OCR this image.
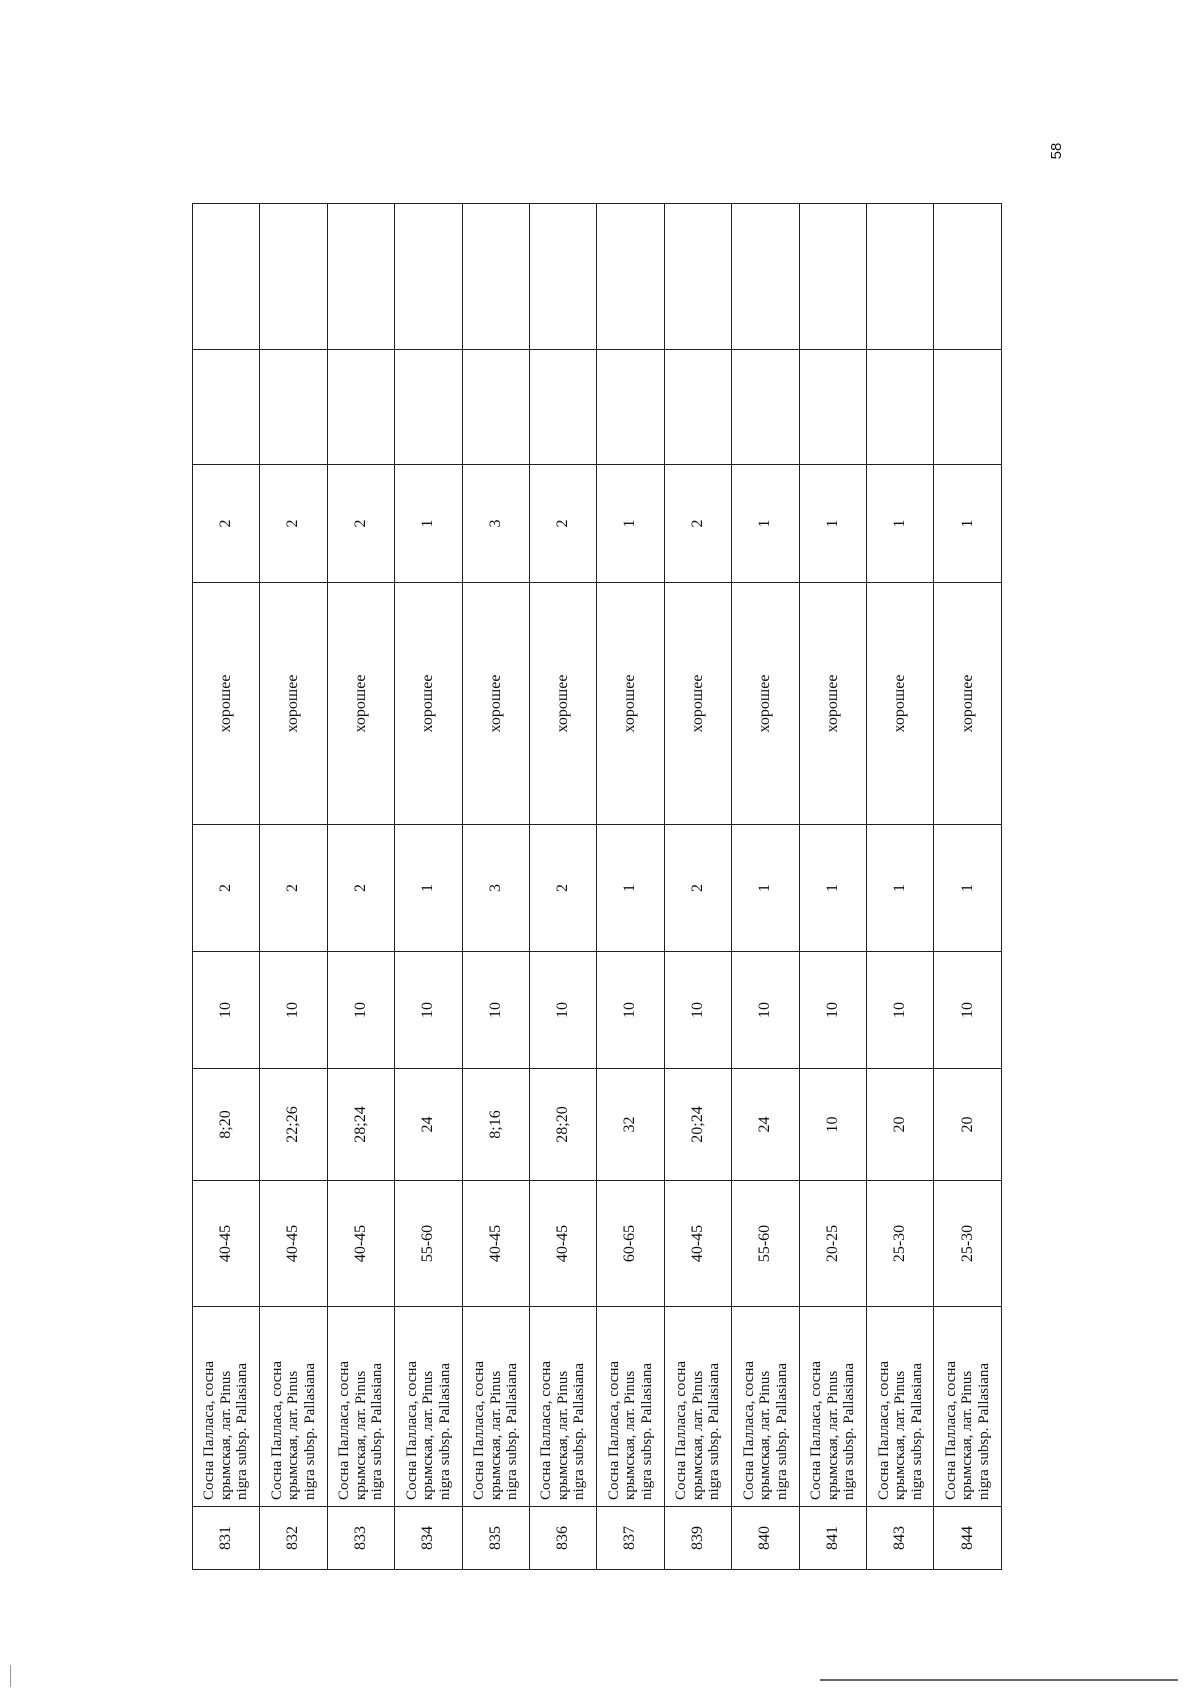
58
831	Сосна Палласа, сосна крымская, лат. Pinus nigra subsp. Pallasiana	40-45	8;20	10	2	хорошее	2		
832	Сосна Палласа, сосна крымская, лат. Pinus nigra subsp. Pallasiana	40-45	22;26	10	2	хорошее	2		
833	Сосна Палласа, сосна крымская, лат. Pinus nigra subsp. Pallasiana	40-45	28;24	10	2	хорошее	2		
834	Сосна Палласа, сосна крымская, лат. Pinus nigra subsp. Pallasiana	55-60	24	10	1	хорошее	1		
835	Сосна Палласа, сосна крымская, лат. Pinus nigra subsp. Pallasiana	40-45	8;16	10	3	хорошее	3		
836	Сосна Палласа, сосна крымская, лат. Pinus nigra subsp. Pallasiana	40-45	28;20	10	2	хорошее	2		
837	Сосна Палласа, сосна крымская, лат. Pinus nigra subsp. Pallasiana	60-65	32	10	1	хорошее	1		
839	Сосна Палласа, сосна крымская, лат. Pinus nigra subsp. Pallasiana	40-45	20;24	10	2	хорошее	2		
840	Сосна Палласа, сосна крымская, лат. Pinus nigra subsp. Pallasiana	55-60	24	10	1	хорошее	1		
841	Сосна Палласа, сосна крымская, лат. Pinus nigra subsp. Pallasiana	20-25	10	10	1	хорошее	1		
843	Сосна Палласа, сосна крымская, лат. Pinus nigra subsp. Pallasiana	25-30	20	10	1	хорошее	1		
844	Сосна Палласа, сосна крымская, лат. Pinus nigra subsp. Pallasiana	25-30	20	10	1	хорошее	1		
